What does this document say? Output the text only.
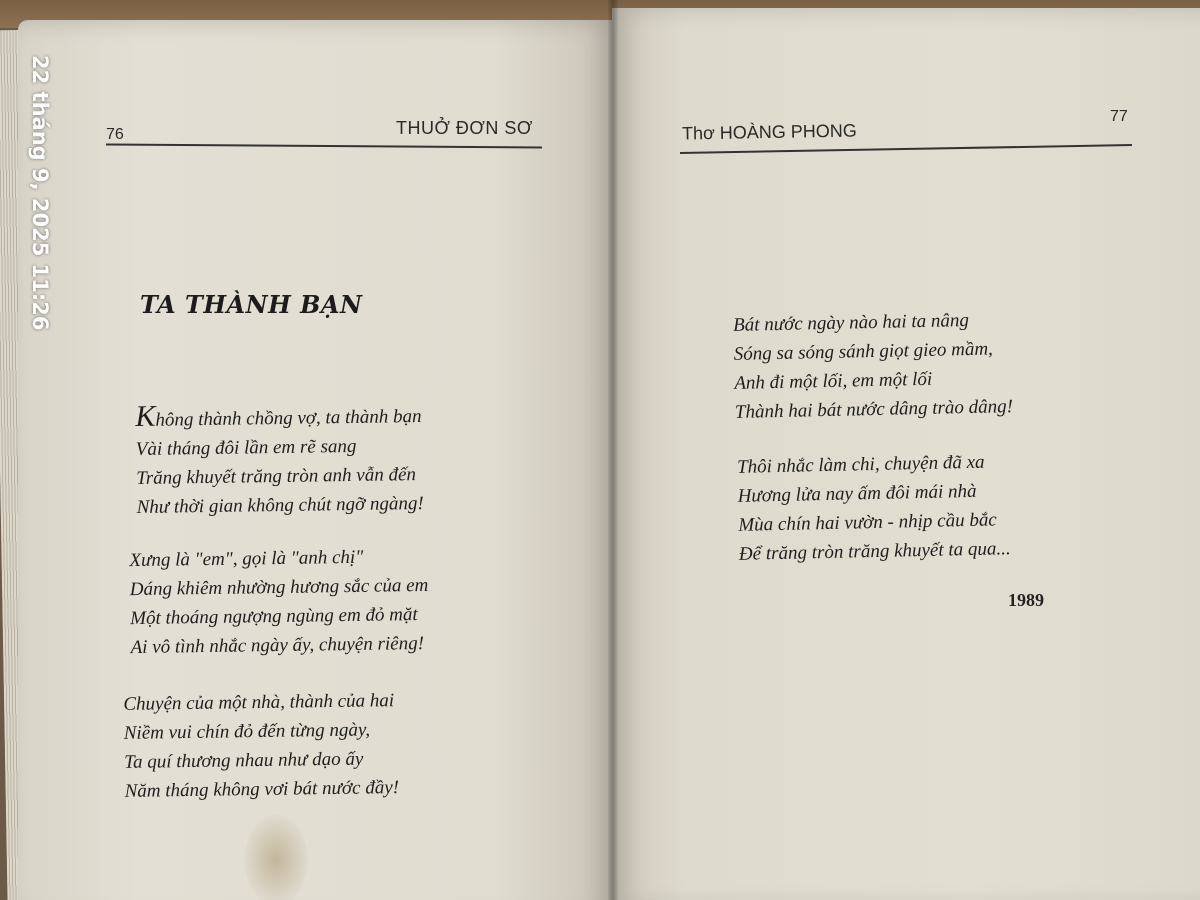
76	THUỞ ĐƠN SƠ	Thơ HOÀNG PHONG
77
TA THÀNH BẠN
Không thành chồng vợ, ta thành bạn
Vài tháng đôi lần em rẽ sang
Trăng khuyết trăng tròn anh vẫn đến
Như thời gian không chút ngỡ ngàng!
Xưng là "em", gọi là "anh chị"
Dáng khiêm nhường hương sắc của em
Một thoáng ngượng ngùng em đỏ mặt
Ai vô tình nhắc ngày ấy, chuyện riêng!
Chuyện của một nhà, thành của hai
Niềm vui chín đỏ đến từng ngày,
Ta quí thương nhau như dạo ấy
Năm tháng không vơi bát nước đầy!
Bát nước ngày nào hai ta nâng
Sóng sa sóng sánh giọt gieo mầm,
Anh đi một lối, em một lối
Thành hai bát nước dâng trào dâng!
Thôi nhắc làm chi, chuyện đã xa
Hương lửa nay ấm đôi mái nhà
Mùa chín hai vườn - nhịp cầu bắc
Để trăng tròn trăng khuyết ta qua...
1989
22 tháng 9, 2025 11:26
